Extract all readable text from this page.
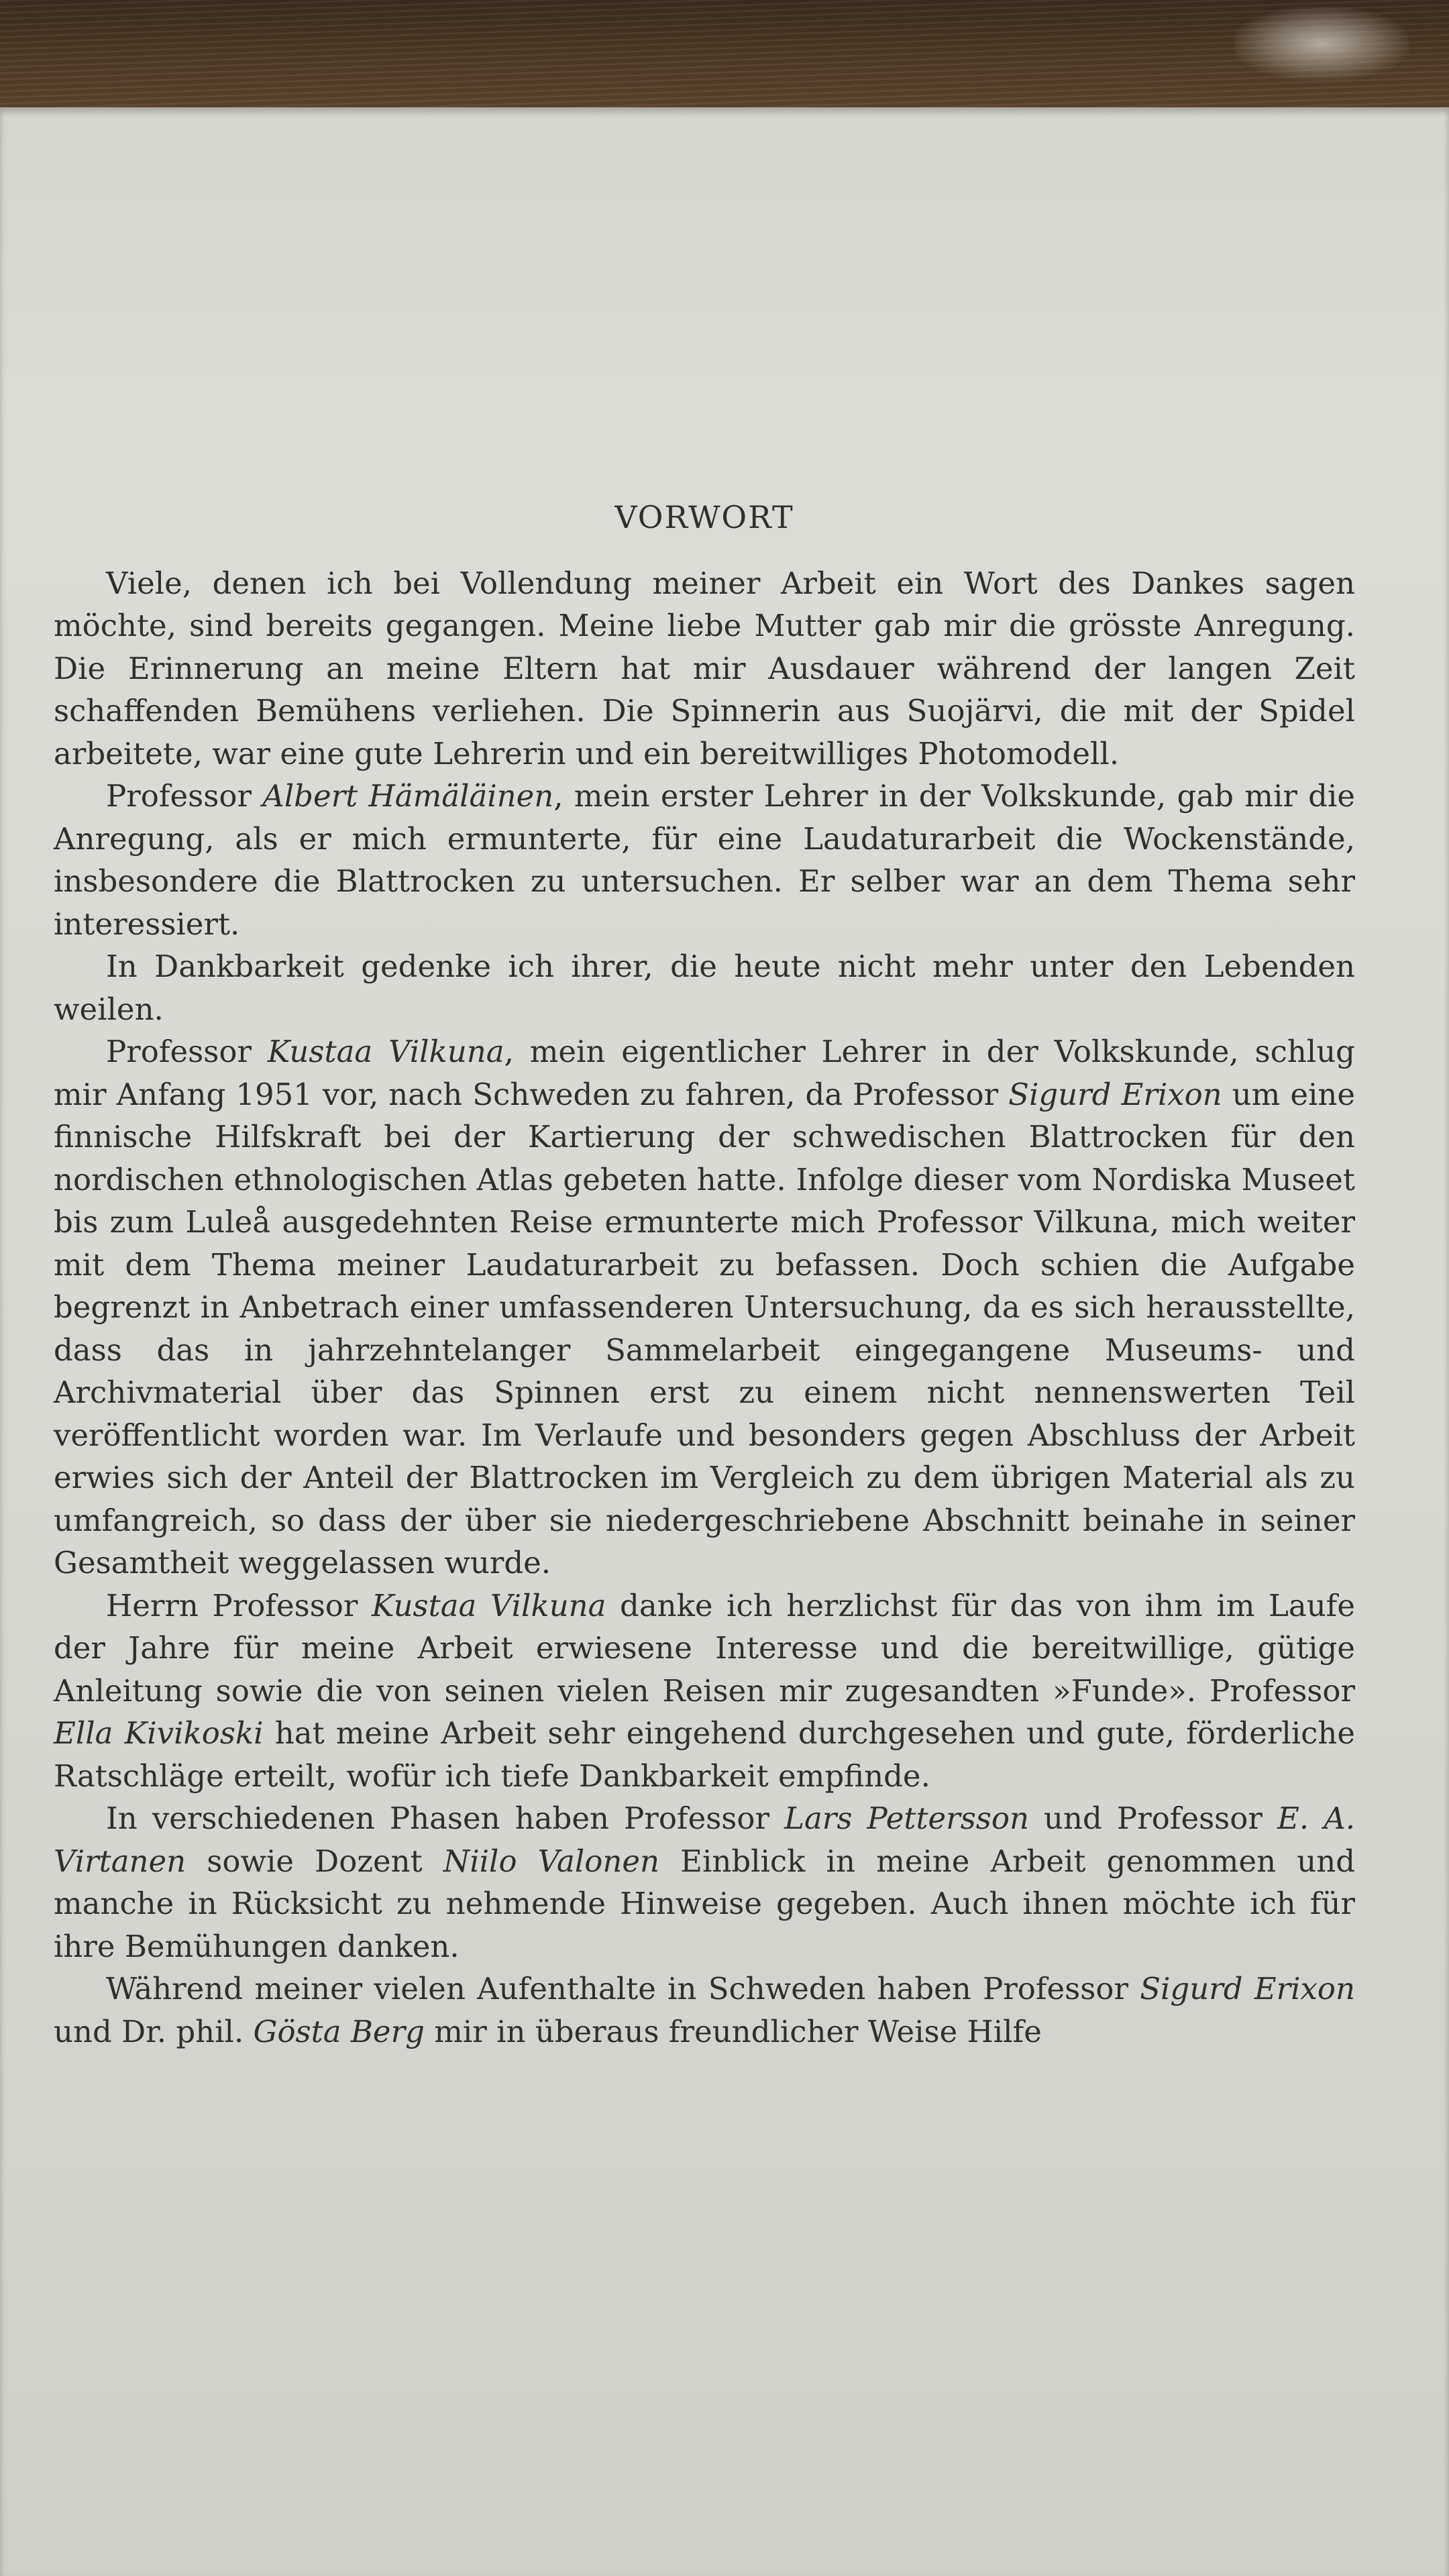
VORWORT

Viele, denen ich bei Vollendung meiner Arbeit ein Wort des Dankes sagen möchte, sind bereits gegangen. Meine liebe Mutter gab mir die grösste Anregung. Die Erinnerung an meine Eltern hat mir Ausdauer während der langen Zeit schaffenden Bemühens verliehen. Die Spinnerin aus Suojärvi, die mit der Spidel arbeitete, war eine gute Lehrerin und ein bereitwilliges Photomodell.

Professor Albert Hämäläinen, mein erster Lehrer in der Volkskunde, gab mir die Anregung, als er mich ermunterte, für eine Laudaturarbeit die Wockenstände, insbesondere die Blattrocken zu untersuchen. Er selber war an dem Thema sehr interessiert.

In Dankbarkeit gedenke ich ihrer, die heute nicht mehr unter den Lebenden weilen.

Professor Kustaa Vilkuna, mein eigentlicher Lehrer in der Volkskunde, schlug mir Anfang 1951 vor, nach Schweden zu fahren, da Professor Sigurd Erixon um eine finnische Hilfskraft bei der Kartierung der schwedischen Blattrocken für den nordischen ethnologischen Atlas gebeten hatte. Infolge dieser vom Nordiska Museet bis zum Luleå ausgedehnten Reise ermunterte mich Professor Vilkuna, mich weiter mit dem Thema meiner Laudaturarbeit zu befassen. Doch schien die Aufgabe begrenzt in Anbetrach einer umfassenderen Untersuchung, da es sich herausstellte, dass das in jahrzehntelanger Sammelarbeit eingegangene Museums- und Archivmaterial über das Spinnen erst zu einem nicht nennenswerten Teil veröffentlicht worden war. Im Verlaufe und besonders gegen Abschluss der Arbeit erwies sich der Anteil der Blattrocken im Vergleich zu dem übrigen Material als zu umfangreich, so dass der über sie niedergeschriebene Abschnitt beinahe in seiner Gesamtheit weggelassen wurde.

Herrn Professor Kustaa Vilkuna danke ich herzlichst für das von ihm im Laufe der Jahre für meine Arbeit erwiesene Interesse und die bereitwillige, gütige Anleitung sowie die von seinen vielen Reisen mir zugesandten »Funde». Professor Ella Kivikoski hat meine Arbeit sehr eingehend durchgesehen und gute, förderliche Ratschläge erteilt, wofür ich tiefe Dankbarkeit empfinde.

In verschiedenen Phasen haben Professor Lars Pettersson und Professor E. A. Virtanen sowie Dozent Niilo Valonen Einblick in meine Arbeit genommen und manche in Rücksicht zu nehmende Hinweise gegeben. Auch ihnen möchte ich für ihre Bemühungen danken.

Während meiner vielen Aufenthalte in Schweden haben Professor Sigurd Erixon und Dr. phil. Gösta Berg mir in überaus freundlicher Weise Hilfe
